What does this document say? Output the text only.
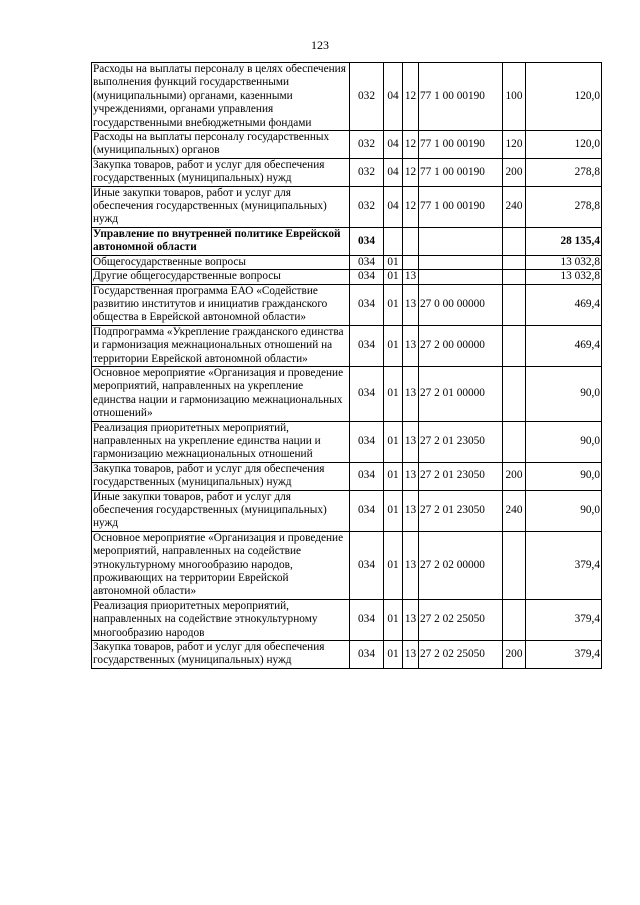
123
Расходы на выплаты персоналу в целях обеспечения выполнения функций государственными (муниципальными) органами, казенными учреждениями, органами управления государственными внебюджетными фондами	032	04	12	77 1 00 00190	100	120,0
Расходы на выплаты персоналу государственных (муниципальных) органов	032	04	12	77 1 00 00190	120	120,0
Закупка товаров, работ и услуг для обеспечения государственных (муниципальных) нужд	032	04	12	77 1 00 00190	200	278,8
Иные закупки товаров, работ и услуг для обеспечения государственных (муниципальных) нужд	032	04	12	77 1 00 00190	240	278,8
Управление по внутренней политике Еврейской автономной области	034					28 135,4
Общегосударственные вопросы	034	01				13 032,8
Другие общегосударственные вопросы	034	01	13			13 032,8
Государственная программа ЕАО «Содействие развитию институтов и инициатив гражданского общества в Еврейской автономной области»	034	01	13	27 0 00 00000		469,4
Подпрограмма «Укрепление гражданского единства и гармонизация межнациональных отношений на территории Еврейской автономной области»	034	01	13	27 2 00 00000		469,4
Основное мероприятие «Организация и проведение мероприятий, направленных на укрепление единства нации и гармонизацию межнациональных отношений»	034	01	13	27 2 01 00000		90,0
Реализация приоритетных мероприятий, направленных на укрепление единства нации и гармонизацию межнациональных отношений	034	01	13	27 2 01 23050		90,0
Закупка товаров, работ и услуг для обеспечения государственных (муниципальных) нужд	034	01	13	27 2 01 23050	200	90,0
Иные закупки товаров, работ и услуг для обеспечения государственных (муниципальных) нужд	034	01	13	27 2 01 23050	240	90,0
Основное мероприятие «Организация и проведение мероприятий, направленных на содействие этнокультурному многообразию народов, проживающих на территории Еврейской автономной области»	034	01	13	27 2 02 00000		379,4
Реализация приоритетных мероприятий, направленных на содействие этнокультурному многообразию народов	034	01	13	27 2 02 25050		379,4
Закупка товаров, работ и услуг для обеспечения государственных (муниципальных) нужд	034	01	13	27 2 02 25050	200	379,4
